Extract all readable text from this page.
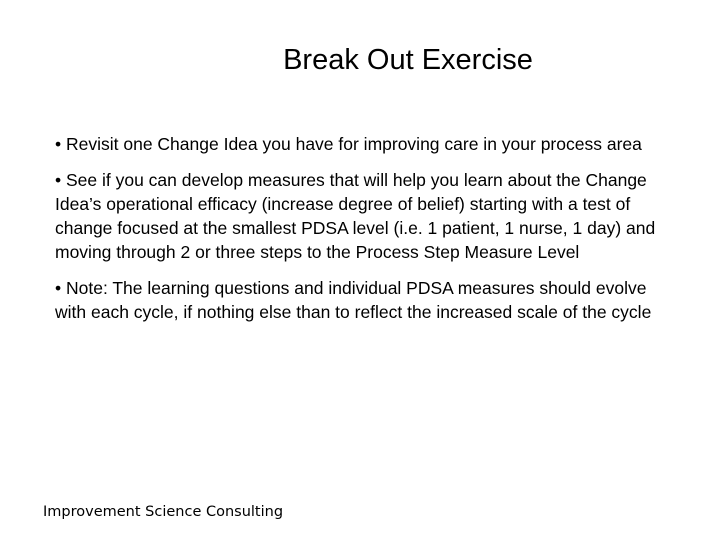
Break Out Exercise
• Revisit one Change Idea you have for improving care in your process area
• See if you can develop measures that will help you learn about the Change Idea’s operational efficacy (increase degree of belief) starting with a test of change focused at the smallest PDSA level (i.e. 1 patient, 1 nurse, 1 day) and moving through 2 or three steps to the Process Step Measure Level
• Note: The learning questions and individual PDSA measures should evolve with each cycle, if nothing else than to reflect the increased scale of the cycle
Improvement Science Consulting
